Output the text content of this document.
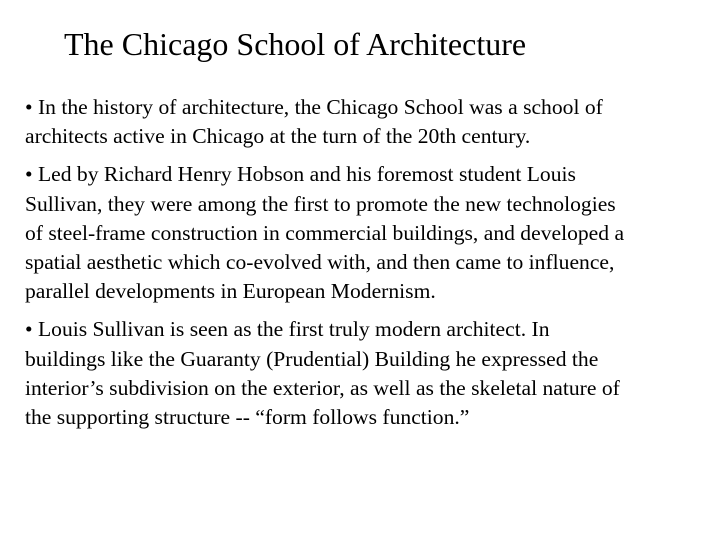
The Chicago School of Architecture
• In the history of architecture, the Chicago School was a school of architects active in Chicago at the turn of the 20th century.
• Led by Richard Henry Hobson and his foremost student Louis Sullivan, they were among the first to promote the new technologies of steel-frame construction in commercial buildings, and developed a spatial aesthetic which co-evolved with, and then came to influence, parallel developments in European Modernism.
• Louis Sullivan is seen as the first truly modern architect. In buildings like the Guaranty (Prudential) Building he expressed the interior’s subdivision on the exterior, as well as the skeletal nature of the supporting structure -- “form follows function.”
